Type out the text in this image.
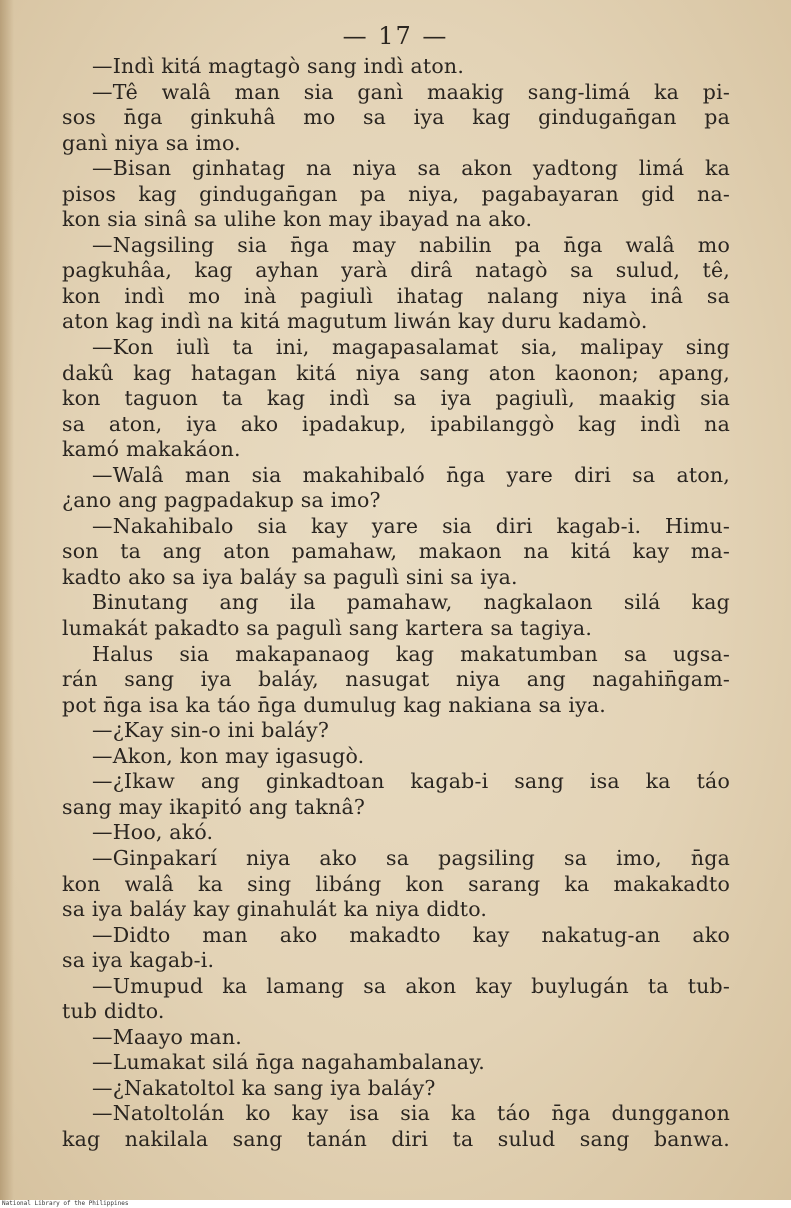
— 17 —
—Indì kitá magtagò sang indì aton.
—Tê walâ man sia ganì maakig sang-limá ka pi-
sos n̄ga ginkuhâ mo sa iya kag gindugan̄gan pa
ganì niya sa imo.
—Bisan ginhatag na niya sa akon yadtong limá ka
pisos kag gindugan̄gan pa niya, pagabayaran gid na-
kon sia sinâ sa ulihe kon may ibayad na ako.
—Nagsiling sia n̄ga may nabilin pa n̄ga walâ mo
pagkuhâa, kag ayhan yarà dirâ natagò sa sulud, tê,
kon indì mo inà pagiulì ihatag nalang niya inâ sa
aton kag indì na kitá magutum liwán kay duru kadamò.
—Kon iulì ta ini, magapasalamat sia, malipay sing
dakû kag hatagan kitá niya sang aton kaonon; apang,
kon taguon ta kag indì sa iya pagiulì, maakig sia
sa aton, iya ako ipadakup, ipabilanggò kag indì na
kamó makakáon.
—Walâ man sia makahibaló n̄ga yare diri sa aton,
¿ano ang pagpadakup sa imo?
—Nakahibalo sia kay yare sia diri kagab-i. Himu-
son ta ang aton pamahaw, makaon na kitá kay ma-
kadto ako sa iya baláy sa pagulì sini sa iya.
Binutang ang ila pamahaw, nagkalaon silá kag
lumakát pakadto sa pagulì sang kartera sa tagiya.
Halus sia makapanaog kag makatumban sa ugsa-
rán sang iya baláy, nasugat niya ang nagahin̄gam-
pot n̄ga isa ka táo n̄ga dumulug kag nakiana sa iya.
—¿Kay sin-o ini baláy?
—Akon, kon may igasugò.
—¿Ikaw ang ginkadtoan kagab-i sang isa ka táo
sang may ikapitó ang taknâ?
—Hoo, akó.
—Ginpakarí niya ako sa pagsiling sa imo, n̄ga
kon walâ ka sing libáng kon sarang ka makakadto
sa iya baláy kay ginahulát ka niya didto.
—Didto man ako makadto kay nakatug-an ako
sa iya kagab-i.
—Umupud ka lamang sa akon kay buylugán ta tub-
tub didto.
—Maayo man.
—Lumakat silá n̄ga nagahambalanay.
—¿Nakatoltol ka sang iya baláy?
—Natoltolán ko kay isa sia ka táo n̄ga dungganon
kag nakilala sang tanán diri ta sulud sang banwa.
National Library of the Philippines
